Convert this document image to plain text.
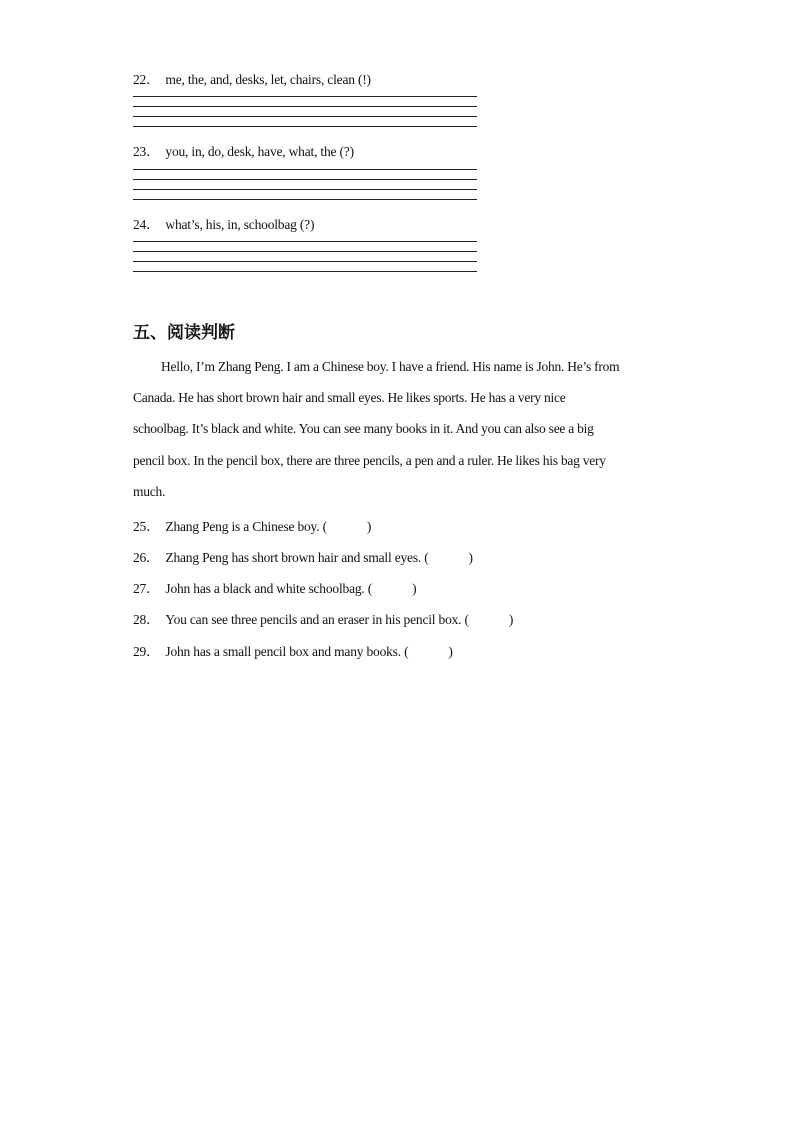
22． me, the, and, desks, let, chairs, clean (!)
23． you, in, do, desk, have, what, the (?)
24． what’s, his, in, schoolbag (?)
五、阅读判断
Hello, I’m Zhang Peng. I am a Chinese boy. I have a friend. His name is John. He’s from
Canada. He has short brown hair and small eyes. He likes sports. He has a very nice
schoolbag. It’s black and white. You can see many books in it. And you can also see a big
pencil box. In the pencil box, there are three pencils, a pen and a ruler. He likes his bag very
much.
25． Zhang Peng is a Chinese boy. (	)
26． Zhang Peng has short brown hair and small eyes. (	)
27． John has a black and white schoolbag. (	)
28． You can see three pencils and an eraser in his pencil box. (	)
29． John has a small pencil box and many books. (	)
